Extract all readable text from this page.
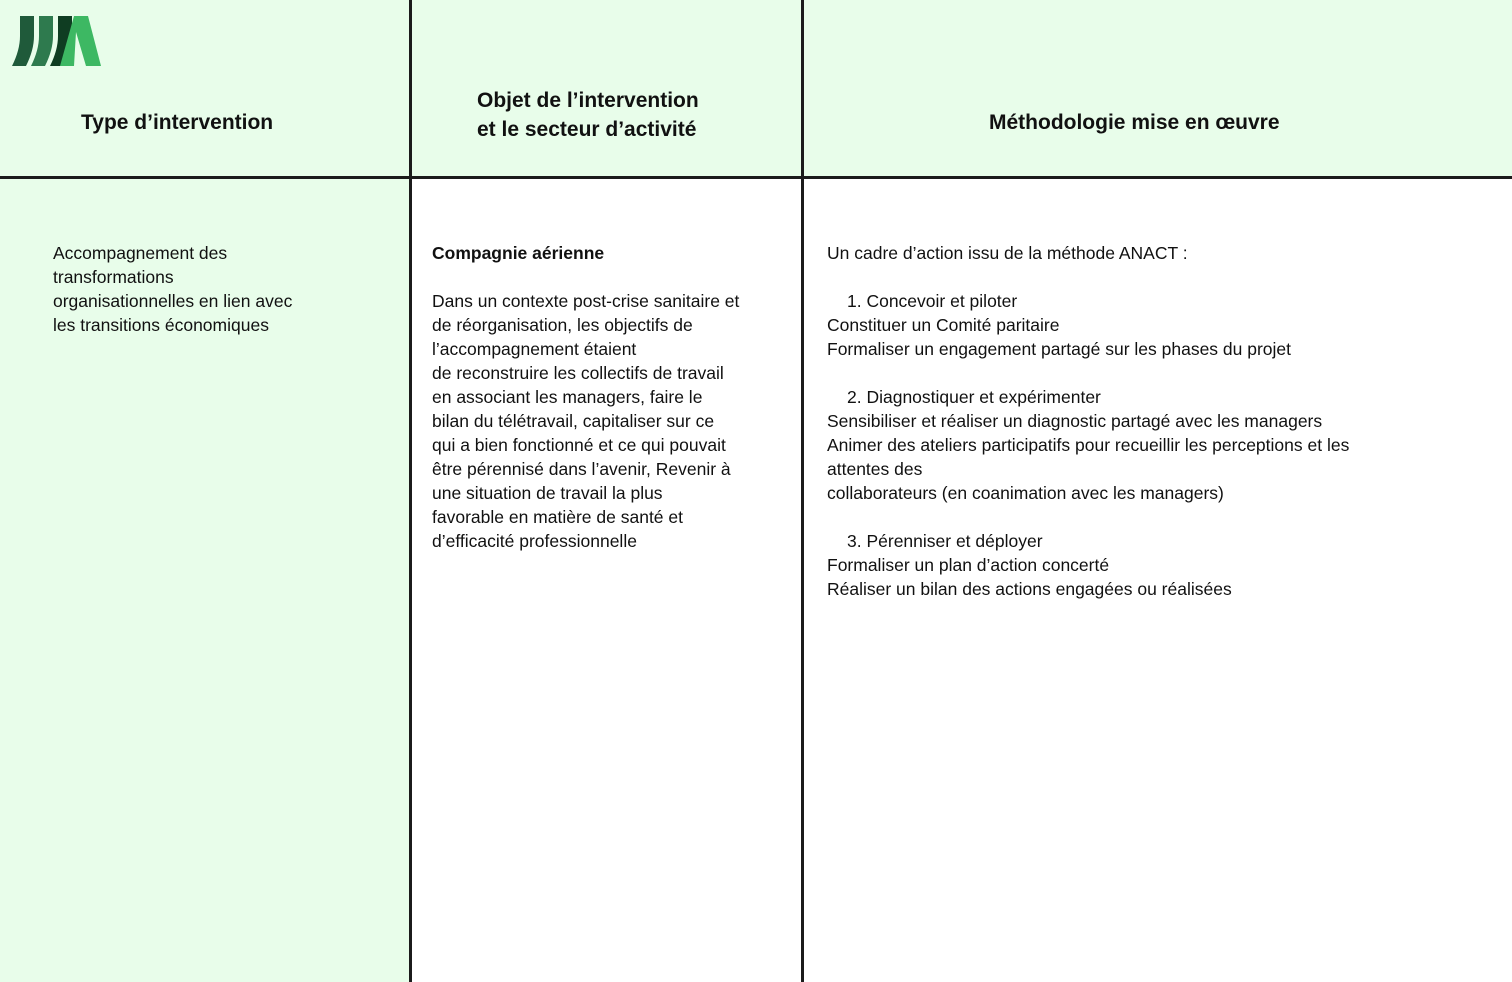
Type d’intervention
Objet de l’intervention
et le secteur d’activité	Méthodologie mise en œuvre

Accompagnement des

transformations

organisationnelles en lien avec

les transitions économiques

Compagnie aérienne

Dans un contexte post-crise sanitaire et

de réorganisation, les objectifs de

l’accompagnement étaient

de reconstruire les collectifs de travail

en associant les managers, faire le

bilan du télétravail, capitaliser sur ce

qui a bien fonctionné et ce qui pouvait

être pérennisé dans l’avenir, Revenir à

une situation de travail la plus

favorable en matière de santé et

d’efficacité professionnelle

Un cadre d’action issu de la méthode ANACT :

1. Concevoir et piloter

Constituer un Comité paritaire

Formaliser un engagement partagé sur les phases du projet

2. Diagnostiquer et expérimenter

Sensibiliser et réaliser un diagnostic partagé avec les managers

Animer des ateliers participatifs pour recueillir les perceptions et les

attentes des

collaborateurs (en coanimation avec les managers)

3. Pérenniser et déployer

Formaliser un plan d’action concerté

Réaliser un bilan des actions engagées ou réalisées
